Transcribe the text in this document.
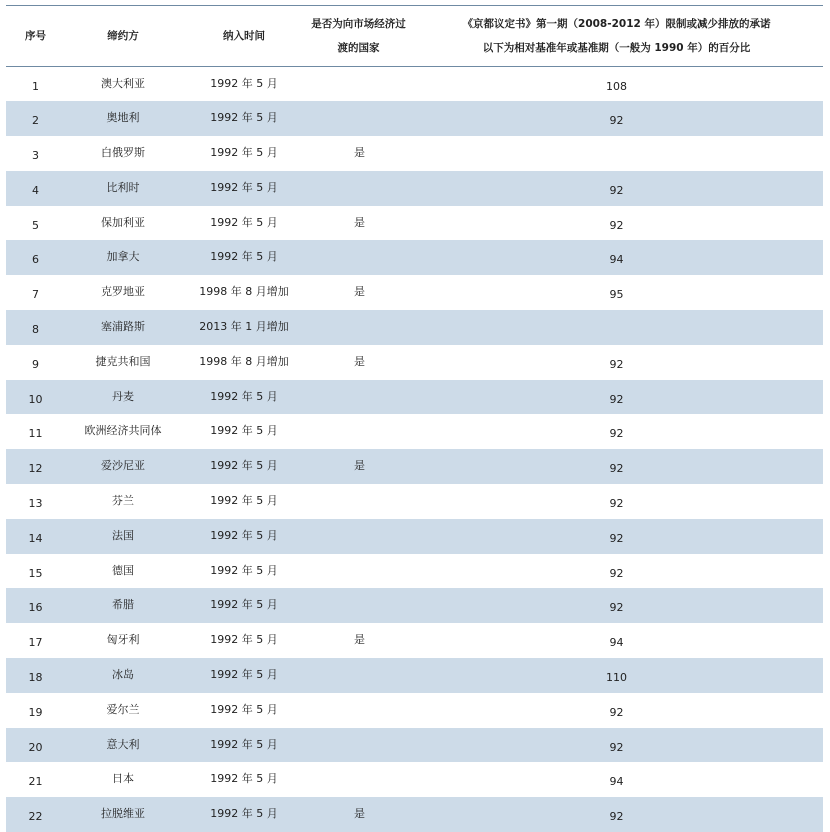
序号	缔约方	纳入时间	是否为向市场经济过
渡的国家	《京都议定书》第一期（2008-2012 年）限制或减少排放的承诺
以下为相对基准年或基准期（一般为 1990 年）的百分比

1	澳大利亚	1992 年 5 月		108
2	奥地利	1992 年 5 月		92
3	白俄罗斯	1992 年 5 月	是	
4	比利时	1992 年 5 月		92
5	保加利亚	1992 年 5 月	是	92
6	加拿大	1992 年 5 月		94
7	克罗地亚	1998 年 8 月增加	是	95
8	塞浦路斯	2013 年 1 月增加		
9	捷克共和国	1998 年 8 月增加	是	92
10	丹麦	1992 年 5 月		92
11	欧洲经济共同体	1992 年 5 月		92
12	爱沙尼亚	1992 年 5 月	是	92
13	芬兰	1992 年 5 月		92
14	法国	1992 年 5 月		92
15	德国	1992 年 5 月		92
16	希腊	1992 年 5 月		92
17	匈牙利	1992 年 5 月	是	94
18	冰岛	1992 年 5 月		110
19	爱尔兰	1992 年 5 月		92
20	意大利	1992 年 5 月		92
21	日本	1992 年 5 月		94
22	拉脱维亚	1992 年 5 月	是	92
